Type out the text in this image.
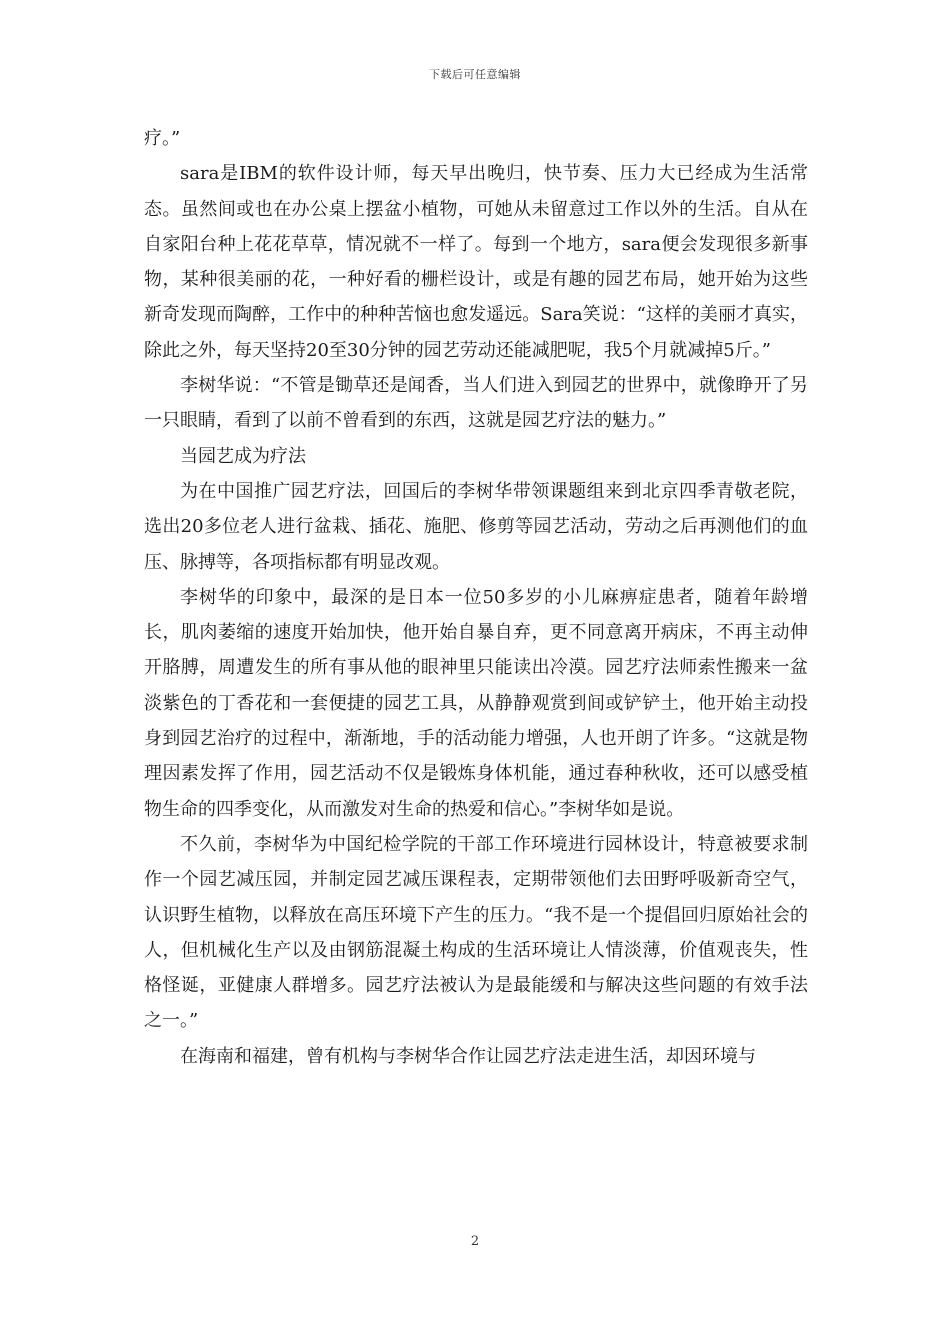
下载后可任意编辑

疗。”

sara是IBM的软件设计师，每天早出晚归，快节奏、压力大已经成为生活常态。虽然间或也在办公桌上摆盆小植物，可她从未留意过工作以外的生活。自从在自家阳台种上花花草草，情况就不一样了。每到一个地方，sara便会发现很多新事物，某种很美丽的花，一种好看的栅栏设计，或是有趣的园艺布局，她开始为这些新奇发现而陶醉，工作中的种种苦恼也愈发遥远。Sara笑说：“这样的美丽才真实，除此之外，每天坚持20至30分钟的园艺劳动还能减肥呢，我5个月就减掉5斤。”

李树华说：“不管是锄草还是闻香，当人们进入到园艺的世界中，就像睁开了另一只眼睛，看到了以前不曾看到的东西，这就是园艺疗法的魅力。”

当园艺成为疗法

为在中国推广园艺疗法，回国后的李树华带领课题组来到北京四季青敬老院，选出20多位老人进行盆栽、插花、施肥、修剪等园艺活动，劳动之后再测他们的血压、脉搏等，各项指标都有明显改观。

李树华的印象中，最深的是日本一位50多岁的小儿麻痹症患者，随着年龄增长，肌肉萎缩的速度开始加快，他开始自暴自弃，更不同意离开病床，不再主动伸开胳膊，周遭发生的所有事从他的眼神里只能读出冷漠。园艺疗法师索性搬来一盆淡紫色的丁香花和一套便捷的园艺工具，从静静观赏到间或铲铲土，他开始主动投身到园艺治疗的过程中，渐渐地，手的活动能力增强，人也开朗了许多。“这就是物理因素发挥了作用，园艺活动不仅是锻炼身体机能，通过春种秋收，还可以感受植物生命的四季变化，从而激发对生命的热爱和信心。”李树华如是说。

不久前，李树华为中国纪检学院的干部工作环境进行园林设计，特意被要求制作一个园艺减压园，并制定园艺减压课程表，定期带领他们去田野呼吸新奇空气，认识野生植物，以释放在高压环境下产生的压力。“我不是一个提倡回归原始社会的人，但机械化生产以及由钢筋混凝土构成的生活环境让人情淡薄，价值观丧失，性格怪诞，亚健康人群增多。园艺疗法被认为是最能缓和与解决这些问题的有效手法之一。”

在海南和福建，曾有机构与李树华合作让园艺疗法走进生活，却因环境与

2
